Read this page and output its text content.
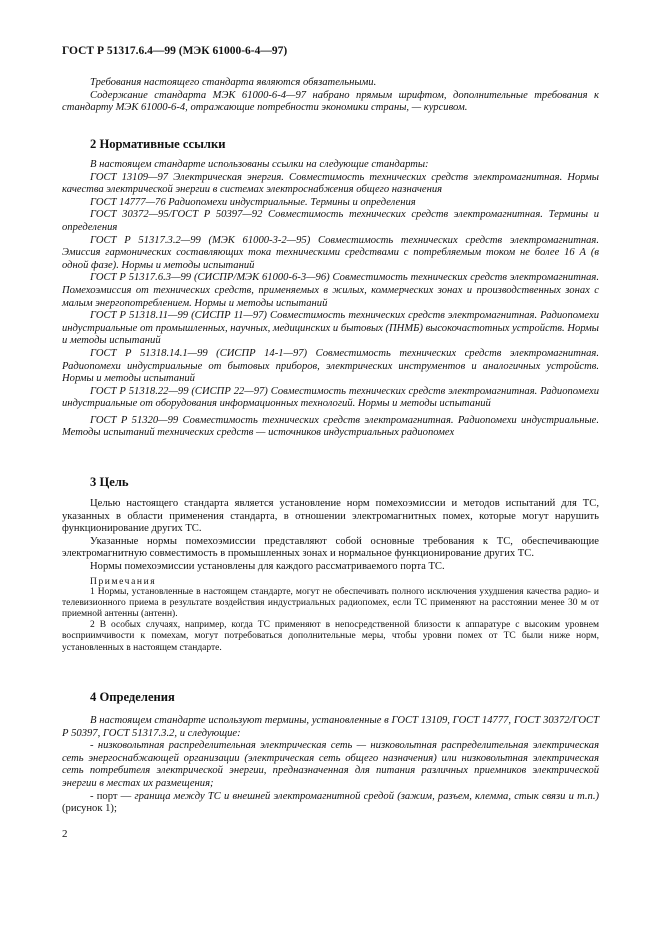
ГОСТ Р 51317.6.4—99 (МЭК 61000-6-4—97)

Требования настоящего стандарта являются обязательными.

Содержание стандарта МЭК 61000-6-4—97 набрано прямым шрифтом, дополнительные требования к стандарту МЭК 61000-6-4, отражающие потребности экономики страны, — курсивом.

2 Нормативные ссылки

В настоящем стандарте использованы ссылки на следующие стандарты:

ГОСТ 13109—97 Электрическая энергия. Совместимость технических средств электромагнитная. Нормы качества электрической энергии в системах электроснабжения общего назначения

ГОСТ 14777—76 Радиопомехи индустриальные. Термины и определения

ГОСТ 30372—95/ГОСТ Р 50397—92 Совместимость технических средств электромагнитная. Термины и определения

ГОСТ Р 51317.3.2—99 (МЭК 61000-3-2—95) Совместимость технических средств электромагнитная. Эмиссия гармонических составляющих тока техническими средствами с потребляемым током не более 16 А (в одной фазе). Нормы и методы испытаний

ГОСТ Р 51317.6.3—99 (СИСПР/МЭК 61000-6-3—96) Совместимость технических средств электромагнитная. Помехоэмиссия от технических средств, применяемых в жилых, коммерческих зонах и производственных зонах с малым энергопотреблением. Нормы и методы испытаний

ГОСТ Р 51318.11—99 (СИСПР 11—97) Совместимость технических средств электромагнитная. Радиопомехи индустриальные от промышленных, научных, медицинских и бытовых (ПНМБ) высокочастотных устройств. Нормы и методы испытаний

ГОСТ Р 51318.14.1—99 (СИСПР 14-1—97) Совместимость технических средств электромагнитная. Радиопомехи индустриальные от бытовых приборов, электрических инструментов и аналогичных устройств. Нормы и методы испытаний

ГОСТ Р 51318.22—99 (СИСПР 22—97) Совместимость технических средств электромагнитная. Радиопомехи индустриальные от оборудования информационных технологий. Нормы и методы испытаний

ГОСТ Р 51320—99 Совместимость технических средств электромагнитная. Радиопомехи индустриальные. Методы испытаний технических средств — источников индустриальных радиопомех

3 Цель

Целью настоящего стандарта является установление норм помехоэмиссии и методов испытаний для ТС, указанных в области применения стандарта, в отношении электромагнитных помех, которые могут нарушить функционирование других ТС.

Указанные нормы помехоэмиссии представляют собой основные требования к ТС, обеспечивающие электромагнитную совместимость в промышленных зонах и нормальное функционирование других ТС.

Нормы помехоэмиссии установлены для каждого рассматриваемого порта ТС.

Примечания

1 Нормы, установленные в настоящем стандарте, могут не обеспечивать полного исключения ухудшения качества радио- и телевизионного приема в результате воздействия индустриальных радиопомех, если ТС применяют на расстоянии менее 30 м от приемной антенны (антенн).

2 В особых случаях, например, когда ТС применяют в непосредственной близости к аппаратуре с высоким уровнем восприимчивости к помехам, могут потребоваться дополнительные меры, чтобы уровни помех от ТС были ниже норм, установленных в настоящем стандарте.

4 Определения

В настоящем стандарте используют термины, установленные в ГОСТ 13109, ГОСТ 14777, ГОСТ 30372/ГОСТ Р 50397, ГОСТ 51317.3.2, и следующие:

- низковольтная распределительная электрическая сеть — низковольтная распределительная электрическая сеть энергоснабжающей организации (электрическая сеть общего назначения) или низковольтная электрическая сеть потребителя электрической энергии, предназначенная для питания различных приемников электрической энергии в местах их размещения;

- порт — граница между ТС и внешней электромагнитной средой (зажим, разъем, клемма, стык связи и т.п.) (рисунок 1);

2
